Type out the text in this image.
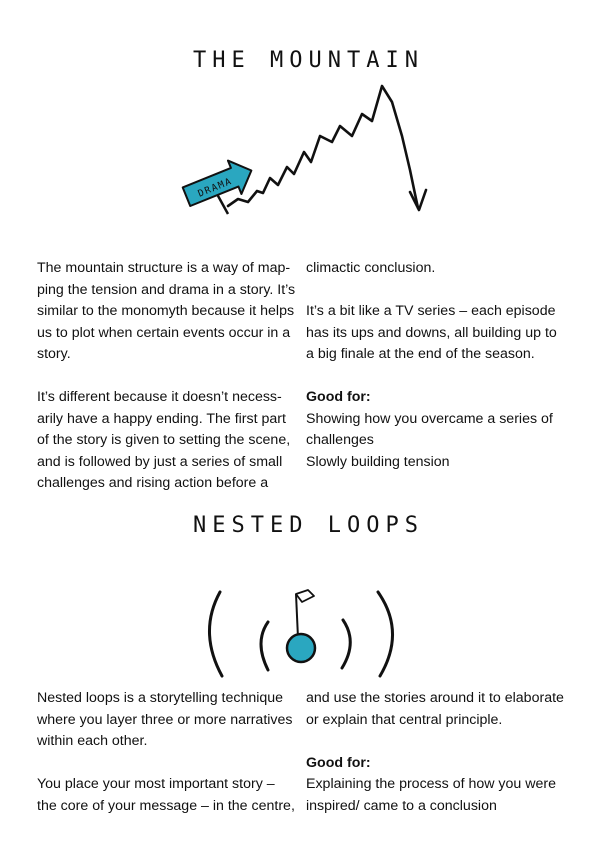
THE MOUNTAIN
DRAMA

The mountain structure is a way of map-

ping the tension and drama in a story. It’s

similar to the monomyth because it helps

us to plot when certain events occur in a

story.

It’s different because it doesn’t necess-

arily have a happy ending. The first part

of the story is given to setting the scene,

and is followed by just a series of small

challenges and rising action before a

climactic conclusion.

It’s a bit like a TV series – each episode

has its ups and downs, all building up to

a big finale at the end of the season.

Good for:

Showing how you overcame a series of

challenges

Slowly building tension

NESTED LOOPS

Nested loops is a storytelling technique

where you layer three or more narratives

within each other.

You place your most important story –

the core of your message – in the centre,

and use the stories around it to elaborate

or explain that central principle.

Good for:

Explaining the process of how you were

inspired/ came to a conclusion
